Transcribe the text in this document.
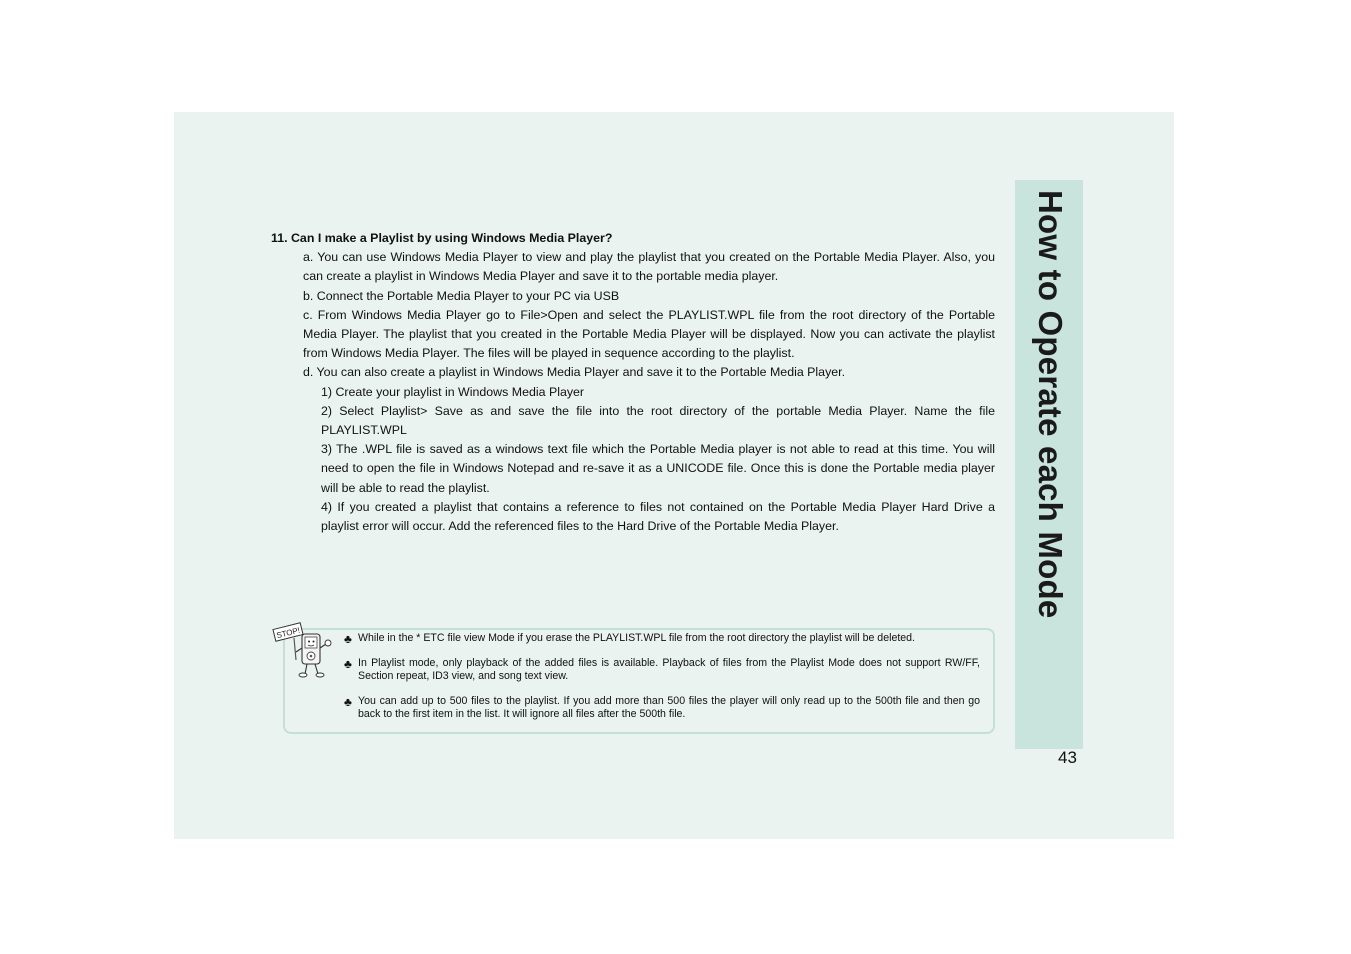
How to Operate each Mode
43
11. Can I make a Playlist by using Windows Media Player?

a. You can use Windows Media Player to view and play the playlist that you created on the Portable Media Player. Also, you can create a playlist in Windows Media Player and save it to the portable media player.

b. Connect the Portable Media Player to your PC via USB

c. From Windows Media Player go to File>Open and select the PLAYLIST.WPL file from the root directory of the Portable Media Player. The playlist that you created in the Portable Media Player will be displayed. Now you can activate the playlist from Windows Media Player. The files will be played in sequence according to the playlist.

d. You can also create a playlist in Windows Media Player and save it to the Portable Media Player.

1) Create your playlist in Windows Media Player

2) Select Playlist> Save as and save the file into the root directory of the portable Media Player. Name the file PLAYLIST.WPL

3) The .WPL file is saved as a windows text file which the Portable Media player is not able to read at this time. You will need to open the file in Windows Notepad and re-save it as a UNICODE file. Once this is done the Portable media player will be able to read the playlist.

4) If you created a playlist that contains a reference to files not contained on the Portable Media Player Hard Drive a playlist error will occur. Add the referenced files to the Hard Drive of the Portable Media Player.

STOP!	♣ While in the * ETC file view Mode if you erase the PLAYLIST.WPL file from the root directory the playlist will be deleted.

♣ In Playlist mode, only playback of the added files is available. Playback of files from the Playlist Mode does not support RW/FF, Section repeat, ID3 view, and song text view.

♣ You can add up to 500 files to the playlist. If you add more than 500 files the player will only read up to the 500th file and then go back to the first item in the list. It will ignore all files after the 500th file.
